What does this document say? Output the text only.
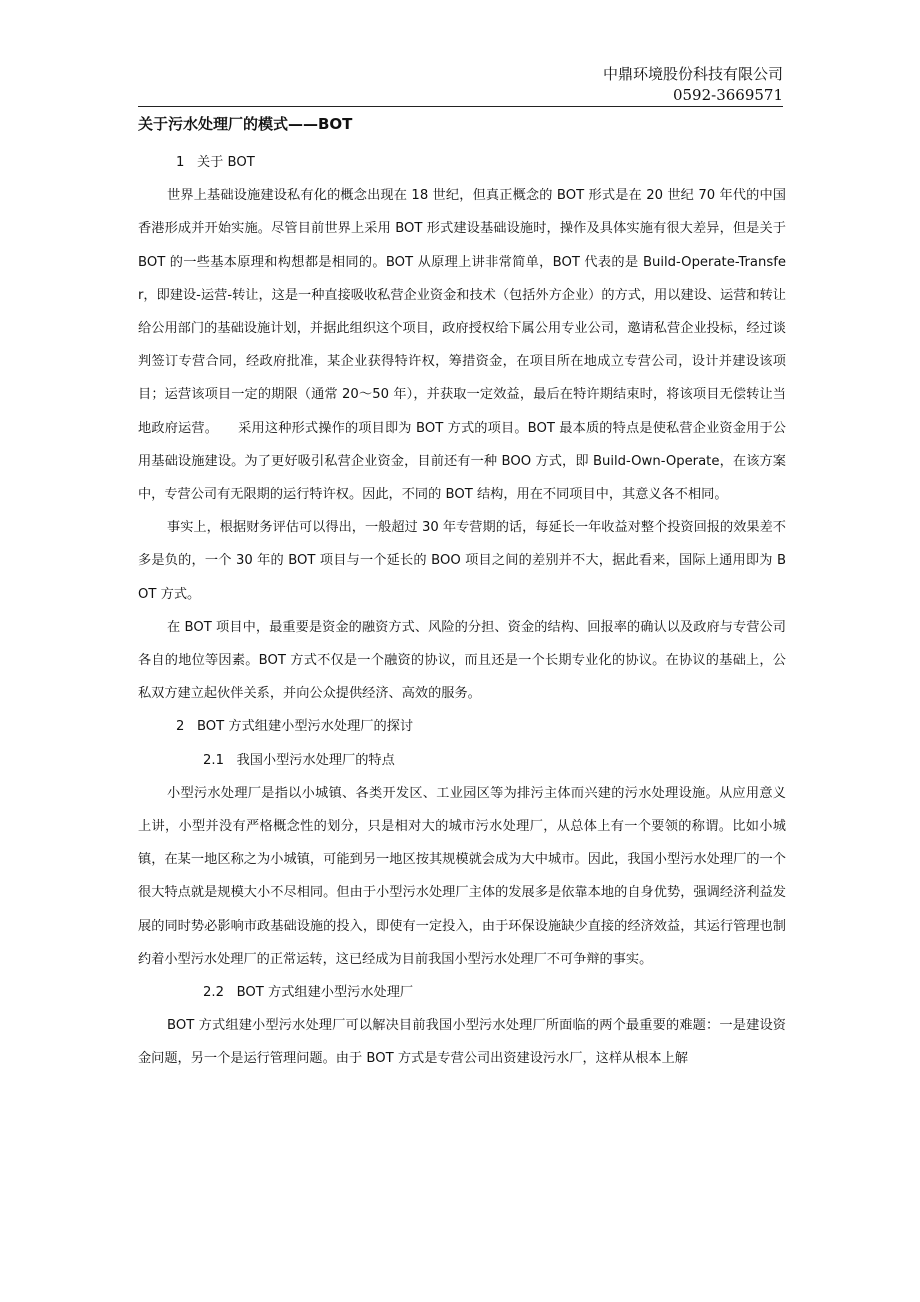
中鼎环境股份科技有限公司
0592-3669571
关于污水处理厂的模式——BOT
1 关于 BOT

世界上基础设施建设私有化的概念出现在 18 世纪，但真正概念的 BOT 形式是在 20 世纪 70 年代的中国香港形成并开始实施。尽管目前世界上采用 BOT 形式建设基础设施时，操作及具体实施有很大差异，但是关于 BOT 的一些基本原理和构想都是相同的。BOT 从原理上讲非常简单，BOT 代表的是 Build-Operate-Transfer，即建设-运营-转让，这是一种直接吸收私营企业资金和技术（包括外方企业）的方式，用以建设、运营和转让给公用部门的基础设施计划，并据此组织这个项目，政府授权给下属公用专业公司，邀请私营企业投标，经过谈判签订专营合同，经政府批准，某企业获得特许权，筹措资金，在项目所在地成立专营公司，设计并建设该项目；运营该项目一定的期限（通常 20～50 年），并获取一定效益，最后在特许期结束时，将该项目无偿转让当地政府运营。　　采用这种形式操作的项目即为 BOT 方式的项目。BOT 最本质的特点是使私营企业资金用于公用基础设施建设。为了更好吸引私营企业资金，目前还有一种 BOO 方式，即 Build-Own-Operate，在该方案中，专营公司有无限期的运行特许权。因此，不同的 BOT 结构，用在不同项目中，其意义各不相同。

事实上，根据财务评估可以得出，一般超过 30 年专营期的话，每延长一年收益对整个投资回报的效果差不多是负的，一个 30 年的 BOT 项目与一个延长的 BOO 项目之间的差别并不大，据此看来，国际上通用即为 BOT 方式。

在 BOT 项目中，最重要是资金的融资方式、风险的分担、资金的结构、回报率的确认以及政府与专营公司各自的地位等因素。BOT 方式不仅是一个融资的协议，而且还是一个长期专业化的协议。在协议的基础上，公私双方建立起伙伴关系，并向公众提供经济、高效的服务。

2 BOT 方式组建小型污水处理厂的探讨
2.1 我国小型污水处理厂的特点

小型污水处理厂是指以小城镇、各类开发区、工业园区等为排污主体而兴建的污水处理设施。从应用意义上讲，小型并没有严格概念性的划分，只是相对大的城市污水处理厂，从总体上有一个要领的称谓。比如小城镇，在某一地区称之为小城镇，可能到另一地区按其规模就会成为大中城市。因此，我国小型污水处理厂的一个很大特点就是规模大小不尽相同。但由于小型污水处理厂主体的发展多是依靠本地的自身优势，强调经济利益发展的同时势必影响市政基础设施的投入，即使有一定投入，由于环保设施缺少直接的经济效益，其运行管理也制约着小型污水处理厂的正常运转，这已经成为目前我国小型污水处理厂不可争辩的事实。

2.2 BOT 方式组建小型污水处理厂

BOT 方式组建小型污水处理厂可以解决目前我国小型污水处理厂所面临的两个最重要的难题：一是建设资金问题，另一个是运行管理问题。由于 BOT 方式是专营公司出资建设污水厂，这样从根本上解
